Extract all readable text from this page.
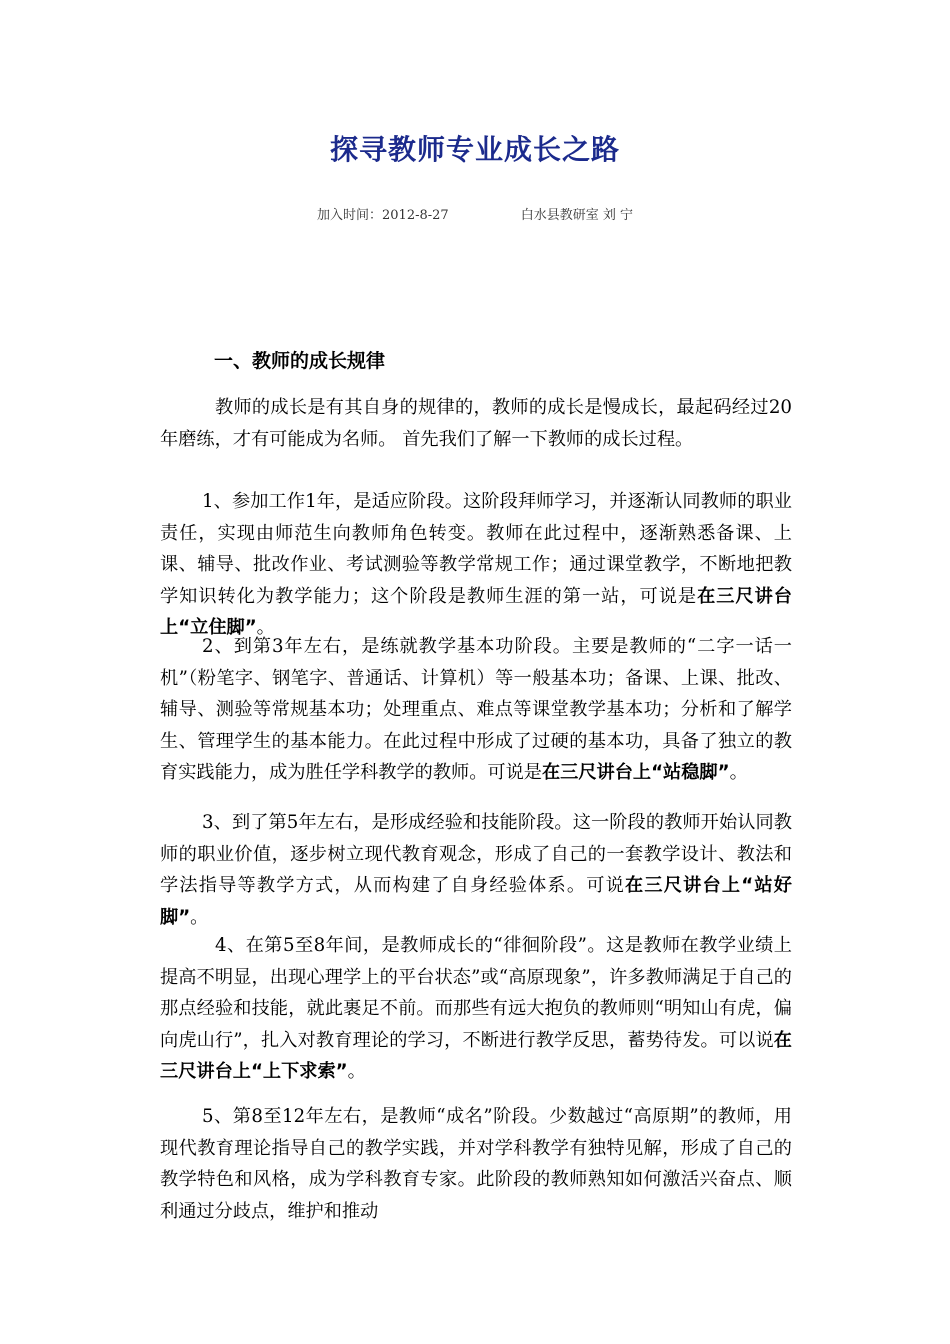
探寻教师专业成长之路
加入时间：2012-8-27	白水县教研室 刘 宁
一、教师的成长规律
教师的成长是有其自身的规律的，教师的成长是慢成长，最起码经过20年磨练，才有可能成为名师。 首先我们了解一下教师的成长过程。
1、参加工作1年，是适应阶段。这阶段拜师学习，并逐渐认同教师的职业责任，实现由师范生向教师角色转变。教师在此过程中，逐渐熟悉备课、上课、辅导、批改作业、考试测验等教学常规工作；通过课堂教学，不断地把教学知识转化为教学能力；这个阶段是教师生涯的第一站，可说是在三尺讲台上“立住脚”。
2、到第3年左右，是练就教学基本功阶段。主要是教师的“二字一话一机”（粉笔字、钢笔字、普通话、计算机）等一般基本功；备课、上课、批改、辅导、测验等常规基本功；处理重点、难点等课堂教学基本功；分析和了解学生、管理学生的基本能力。在此过程中形成了过硬的基本功，具备了独立的教育实践能力，成为胜任学科教学的教师。可说是在三尺讲台上“站稳脚”。
3、到了第5年左右，是形成经验和技能阶段。这一阶段的教师开始认同教师的职业价值，逐步树立现代教育观念，形成了自己的一套教学设计、教法和学法指导等教学方式，从而构建了自身经验体系。可说在三尺讲台上“站好脚”。
4、在第5至8年间，是教师成长的“徘徊阶段”。这是教师在教学业绩上提高不明显，出现心理学上的平台状态”或“高原现象”，许多教师满足于自己的那点经验和技能，就此裹足不前。而那些有远大抱负的教师则“明知山有虎，偏向虎山行”，扎入对教育理论的学习，不断进行教学反思，蓄势待发。可以说在三尺讲台上“上下求索”。
5、第8至12年左右，是教师“成名”阶段。少数越过“高原期”的教师，用现代教育理论指导自己的教学实践，并对学科教学有独特见解，形成了自己的教学特色和风格，成为学科教育专家。此阶段的教师熟知如何激活兴奋点、顺利通过分歧点，维护和推动
